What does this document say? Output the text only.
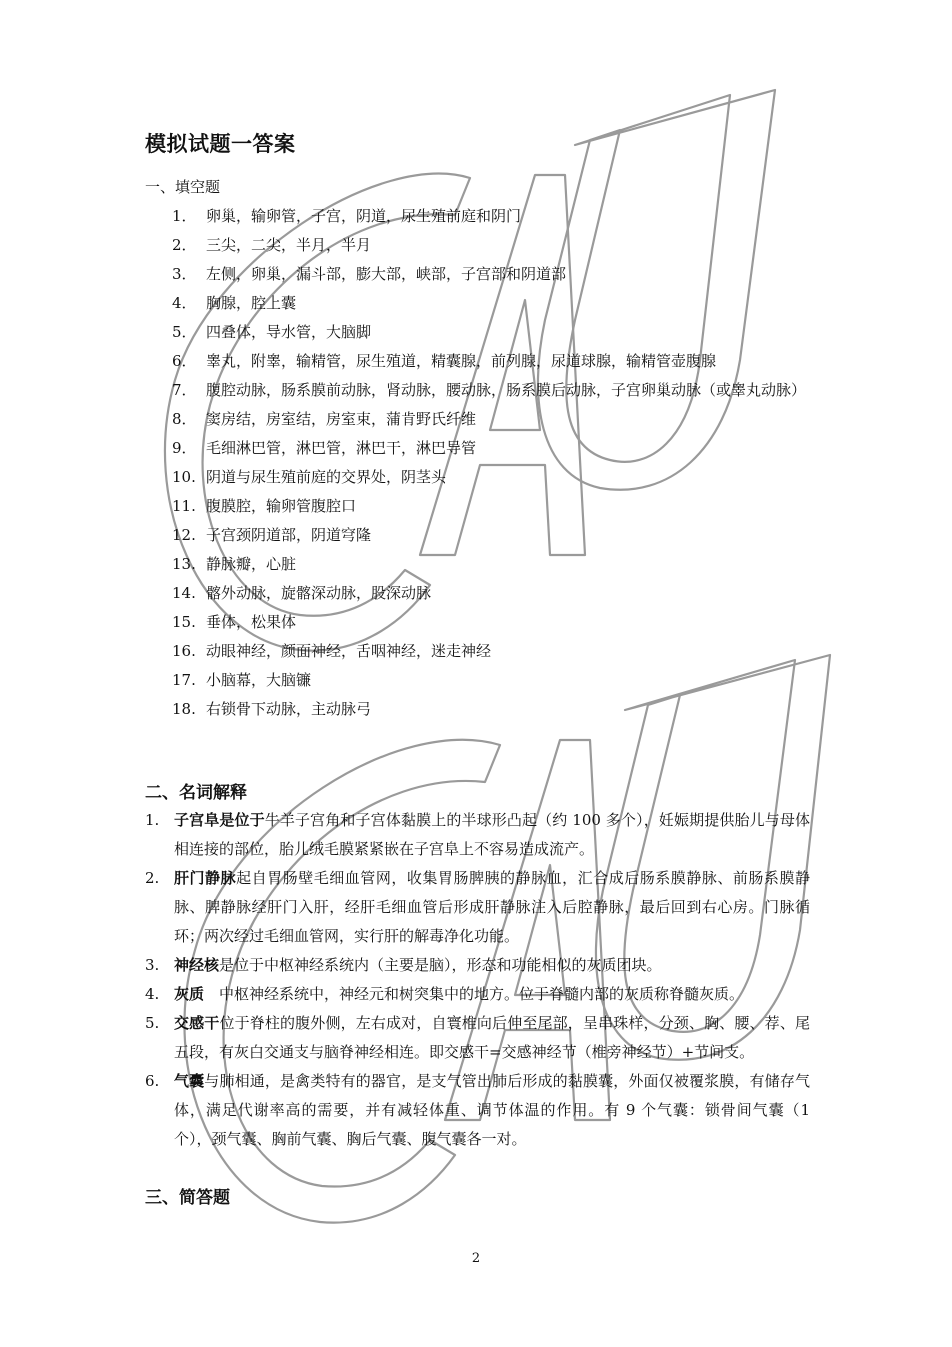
模拟试题一答案
一、填空题
1． 卵巢，输卵管，子宫，阴道，尿生殖前庭和阴门
2． 三尖，二尖，半月，半月
3． 左侧，卵巢，漏斗部，膨大部，峡部，子宫部和阴道部
4． 胸腺，腔上囊
5． 四叠体，导水管，大脑脚
6． 睾丸，附睾，输精管，尿生殖道，精囊腺，前列腺，尿道球腺，输精管壶腹腺
7． 腹腔动脉，肠系膜前动脉，肾动脉，腰动脉，肠系膜后动脉，子宫卵巢动脉（或睾丸动脉）
8． 窦房结，房室结，房室束，蒲肯野氏纤维
9． 毛细淋巴管，淋巴管，淋巴干，淋巴导管
10. 阴道与尿生殖前庭的交界处，阴茎头
11. 腹膜腔，输卵管腹腔口
12. 子宫颈阴道部，阴道穹隆
13. 静脉瓣，心脏
14. 髂外动脉，旋髂深动脉，股深动脉
15. 垂体，松果体
16. 动眼神经，颜面神经，舌咽神经，迷走神经
17. 小脑幕，大脑镰
18. 右锁骨下动脉，主动脉弓
二、名词解释
1. 子宫阜是位于牛羊子宫角和子宫体黏膜上的半球形凸起（约 100 多个），妊娠期提供胎儿与母体相连接的部位，胎儿绒毛膜紧紧嵌在子宫阜上不容易造成流产。
2. 肝门静脉起自胃肠壁毛细血管网，收集胃肠脾胰的静脉血，汇合成后肠系膜静脉、前肠系膜静脉、脾静脉经肝门入肝，经肝毛细血管后形成肝静脉注入后腔静脉，最后回到右心房。门脉循环；两次经过毛细血管网，实行肝的解毒净化功能。
3. 神经核是位于中枢神经系统内（主要是脑），形态和功能相似的灰质团块。
4. 灰质　中枢神经系统中，神经元和树突集中的地方。位于脊髓内部的灰质称脊髓灰质。
5. 交感干位于脊柱的腹外侧，左右成对，自寰椎向后伸至尾部，呈串珠样，分颈、胸、腰、荐、尾五段，有灰白交通支与脑脊神经相连。即交感干=交感神经节（椎旁神经节）+节间支。
6. 气囊与肺相通，是禽类特有的器官，是支气管出肺后形成的黏膜囊，外面仅被覆浆膜，有储存气体，满足代谢率高的需要，并有减轻体重、调节体温的作用。有 9 个气囊：锁骨间气囊（1 个），颈气囊、胸前气囊、胸后气囊、腹气囊各一对。
三、简答题
2
